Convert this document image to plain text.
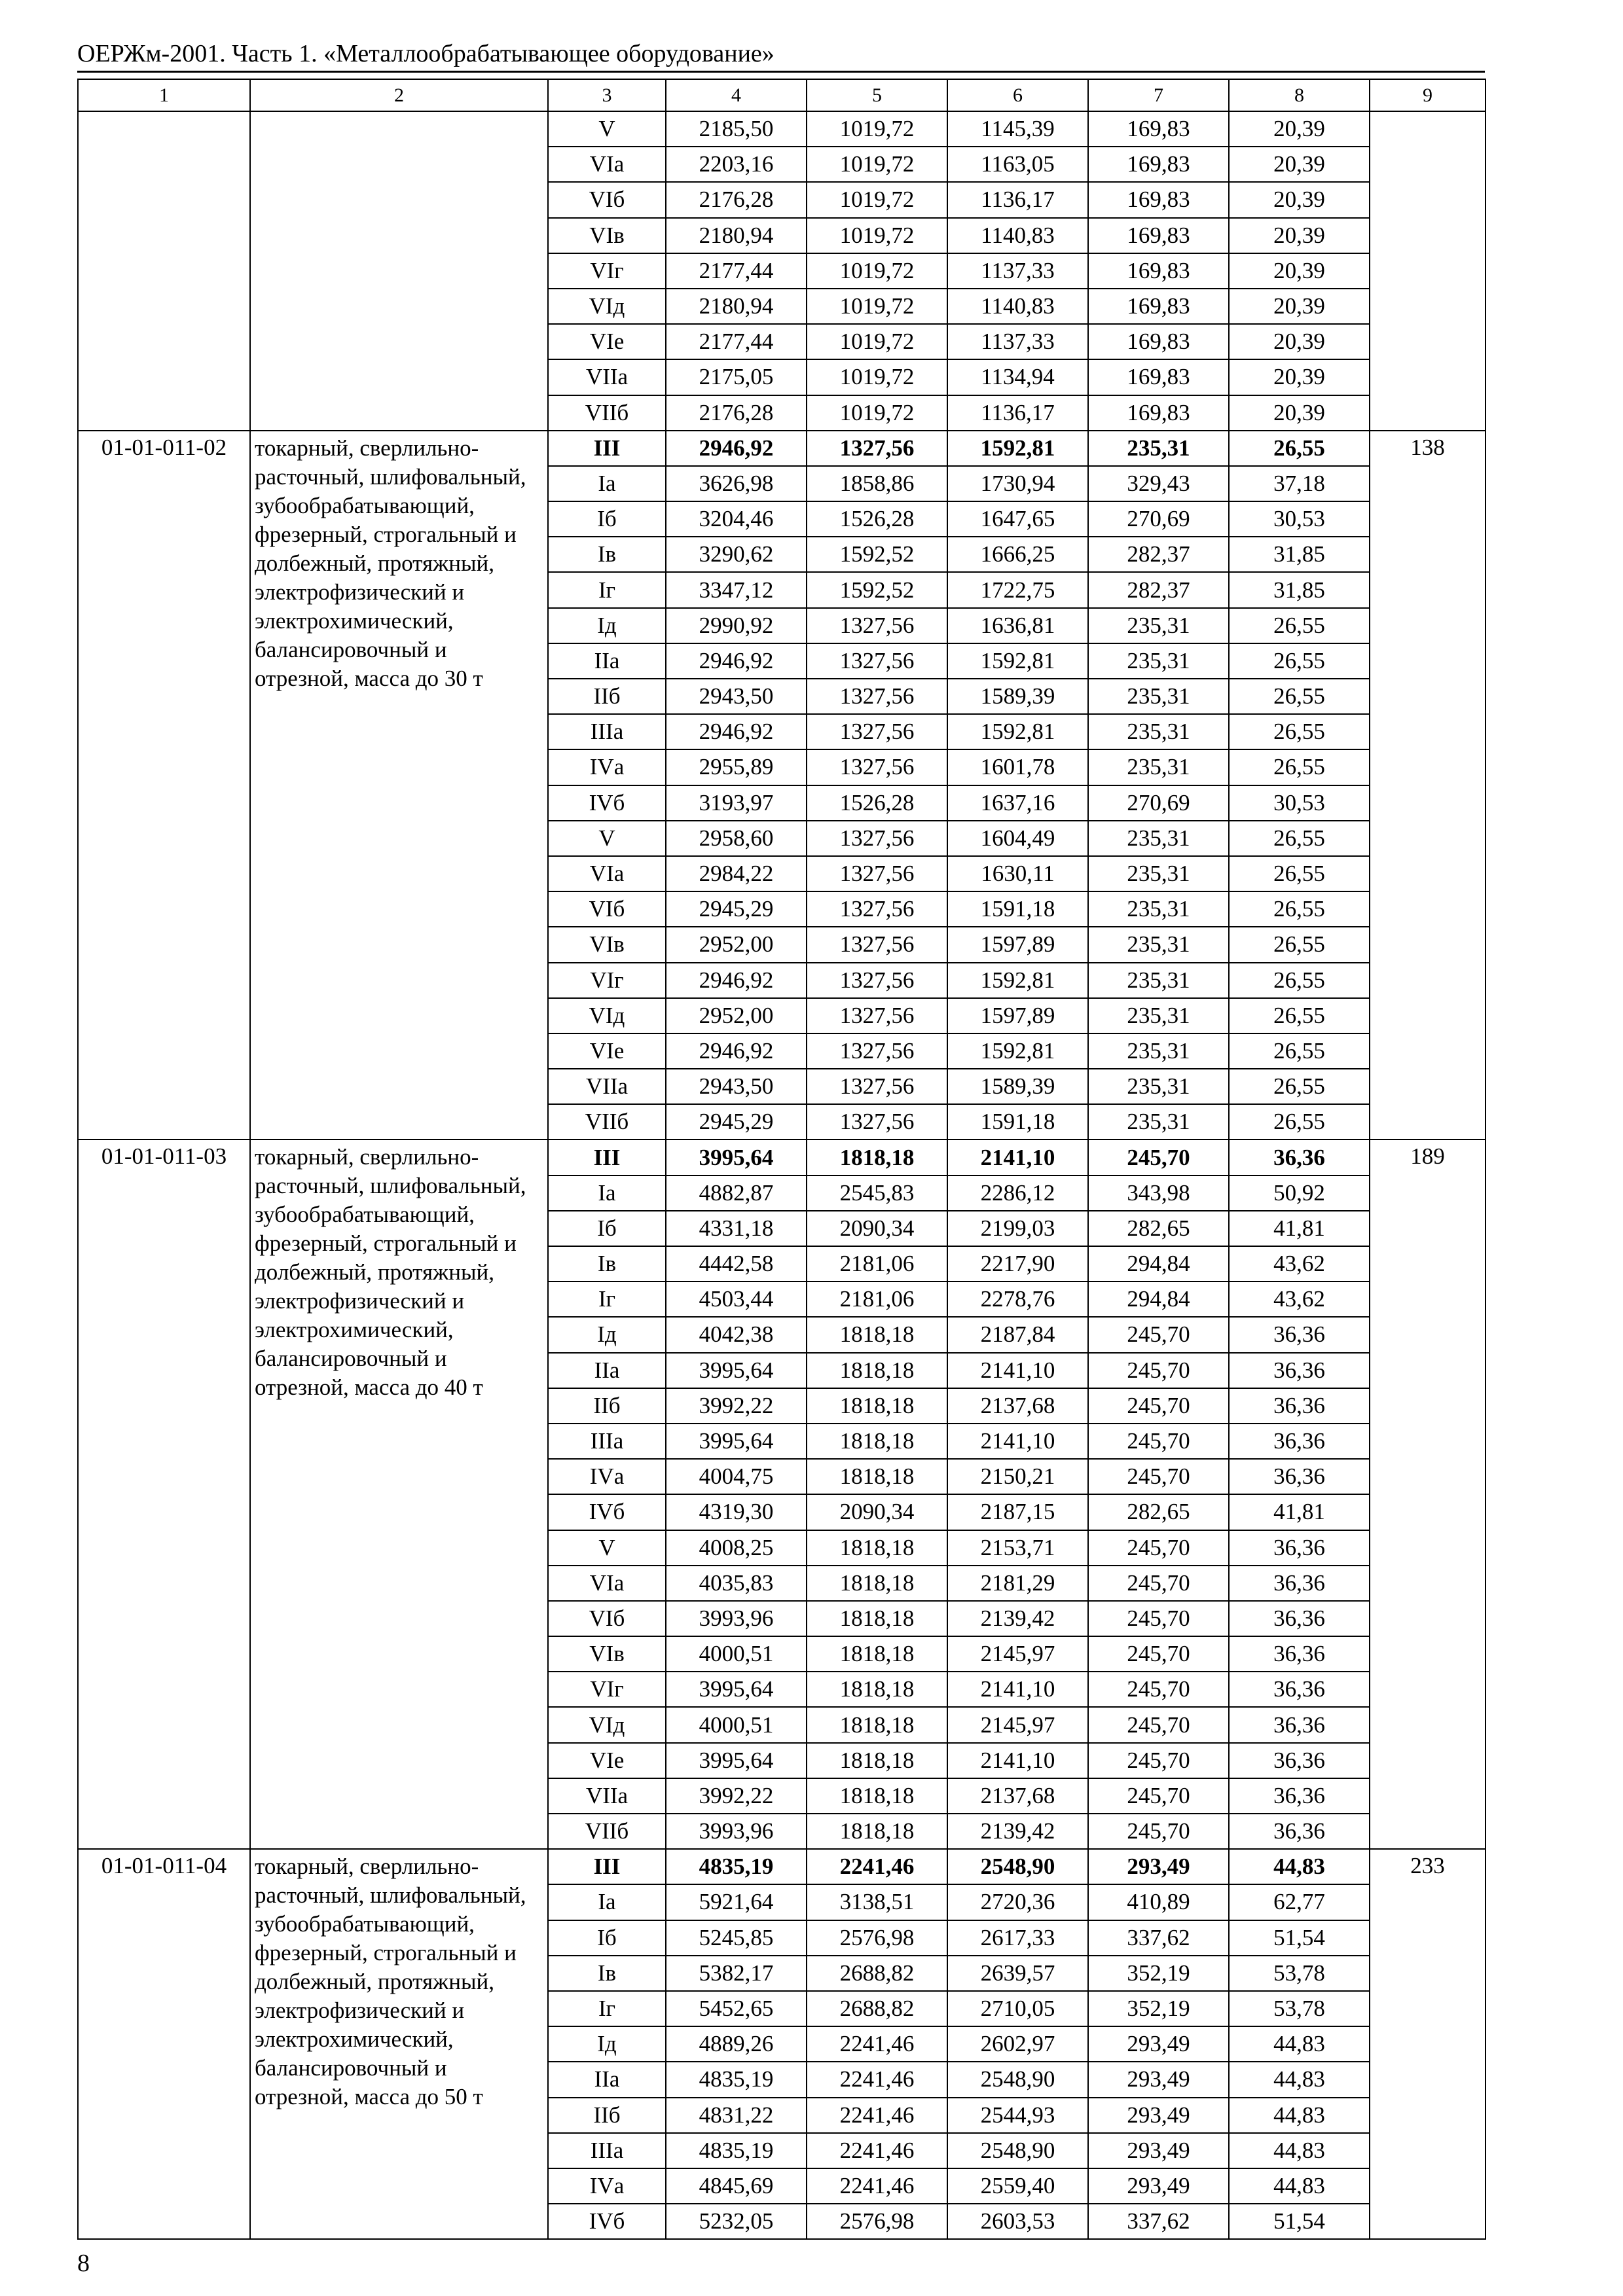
ОЕРЖм-2001. Часть 1. «Металлообрабатывающее оборудование»
1	2	3	4	5	6	7	8	9
		V	2185,50	1019,72	1145,39	169,83	20,39	
		VIа	2203,16	1019,72	1163,05	169,83	20,39	
		VIб	2176,28	1019,72	1136,17	169,83	20,39	
		VIв	2180,94	1019,72	1140,83	169,83	20,39	
		VIг	2177,44	1019,72	1137,33	169,83	20,39	
		VIд	2180,94	1019,72	1140,83	169,83	20,39	
		VIе	2177,44	1019,72	1137,33	169,83	20,39	
		VIIа	2175,05	1019,72	1134,94	169,83	20,39	
		VIIб	2176,28	1019,72	1136,17	169,83	20,39	
01-01-011-02	токарный, сверлильно-расточный, шлифовальный, зубообрабатывающий, фрезерный, строгальный и долбежный, протяжный, электрофизический и электрохимический, балансировочный и отрезной, масса до 30 т	III	2946,92	1327,56	1592,81	235,31	26,55	138
		Iа	3626,98	1858,86	1730,94	329,43	37,18	
		Iб	3204,46	1526,28	1647,65	270,69	30,53	
		Iв	3290,62	1592,52	1666,25	282,37	31,85	
		Iг	3347,12	1592,52	1722,75	282,37	31,85	
		Iд	2990,92	1327,56	1636,81	235,31	26,55	
		IIа	2946,92	1327,56	1592,81	235,31	26,55	
		IIб	2943,50	1327,56	1589,39	235,31	26,55	
		IIIа	2946,92	1327,56	1592,81	235,31	26,55	
		IVа	2955,89	1327,56	1601,78	235,31	26,55	
		IVб	3193,97	1526,28	1637,16	270,69	30,53	
		V	2958,60	1327,56	1604,49	235,31	26,55	
		VIа	2984,22	1327,56	1630,11	235,31	26,55	
		VIб	2945,29	1327,56	1591,18	235,31	26,55	
		VIв	2952,00	1327,56	1597,89	235,31	26,55	
		VIг	2946,92	1327,56	1592,81	235,31	26,55	
		VIд	2952,00	1327,56	1597,89	235,31	26,55	
		VIе	2946,92	1327,56	1592,81	235,31	26,55	
		VIIа	2943,50	1327,56	1589,39	235,31	26,55	
		VIIб	2945,29	1327,56	1591,18	235,31	26,55	
01-01-011-03	токарный, сверлильно-расточный, шлифовальный, зубообрабатывающий, фрезерный, строгальный и долбежный, протяжный, электрофизический и электрохимический, балансировочный и отрезной, масса до 40 т	III	3995,64	1818,18	2141,10	245,70	36,36	189
		Iа	4882,87	2545,83	2286,12	343,98	50,92	
		Iб	4331,18	2090,34	2199,03	282,65	41,81	
		Iв	4442,58	2181,06	2217,90	294,84	43,62	
		Iг	4503,44	2181,06	2278,76	294,84	43,62	
		Iд	4042,38	1818,18	2187,84	245,70	36,36	
		IIа	3995,64	1818,18	2141,10	245,70	36,36	
		IIб	3992,22	1818,18	2137,68	245,70	36,36	
		IIIа	3995,64	1818,18	2141,10	245,70	36,36	
		IVа	4004,75	1818,18	2150,21	245,70	36,36	
		IVб	4319,30	2090,34	2187,15	282,65	41,81	
		V	4008,25	1818,18	2153,71	245,70	36,36	
		VIа	4035,83	1818,18	2181,29	245,70	36,36	
		VIб	3993,96	1818,18	2139,42	245,70	36,36	
		VIв	4000,51	1818,18	2145,97	245,70	36,36	
		VIг	3995,64	1818,18	2141,10	245,70	36,36	
		VIд	4000,51	1818,18	2145,97	245,70	36,36	
		VIе	3995,64	1818,18	2141,10	245,70	36,36	
		VIIа	3992,22	1818,18	2137,68	245,70	36,36	
		VIIб	3993,96	1818,18	2139,42	245,70	36,36	
01-01-011-04	токарный, сверлильно-расточный, шлифовальный, зубообрабатывающий, фрезерный, строгальный и долбежный, протяжный, электрофизический и электрохимический, балансировочный и отрезной, масса до 50 т	III	4835,19	2241,46	2548,90	293,49	44,83	233
		Iа	5921,64	3138,51	2720,36	410,89	62,77	
		Iб	5245,85	2576,98	2617,33	337,62	51,54	
		Iв	5382,17	2688,82	2639,57	352,19	53,78	
		Iг	5452,65	2688,82	2710,05	352,19	53,78	
		Iд	4889,26	2241,46	2602,97	293,49	44,83	
		IIа	4835,19	2241,46	2548,90	293,49	44,83	
		IIб	4831,22	2241,46	2544,93	293,49	44,83	
		IIIа	4835,19	2241,46	2548,90	293,49	44,83	
		IVа	4845,69	2241,46	2559,40	293,49	44,83	
		IVб	5232,05	2576,98	2603,53	337,62	51,54	
8
